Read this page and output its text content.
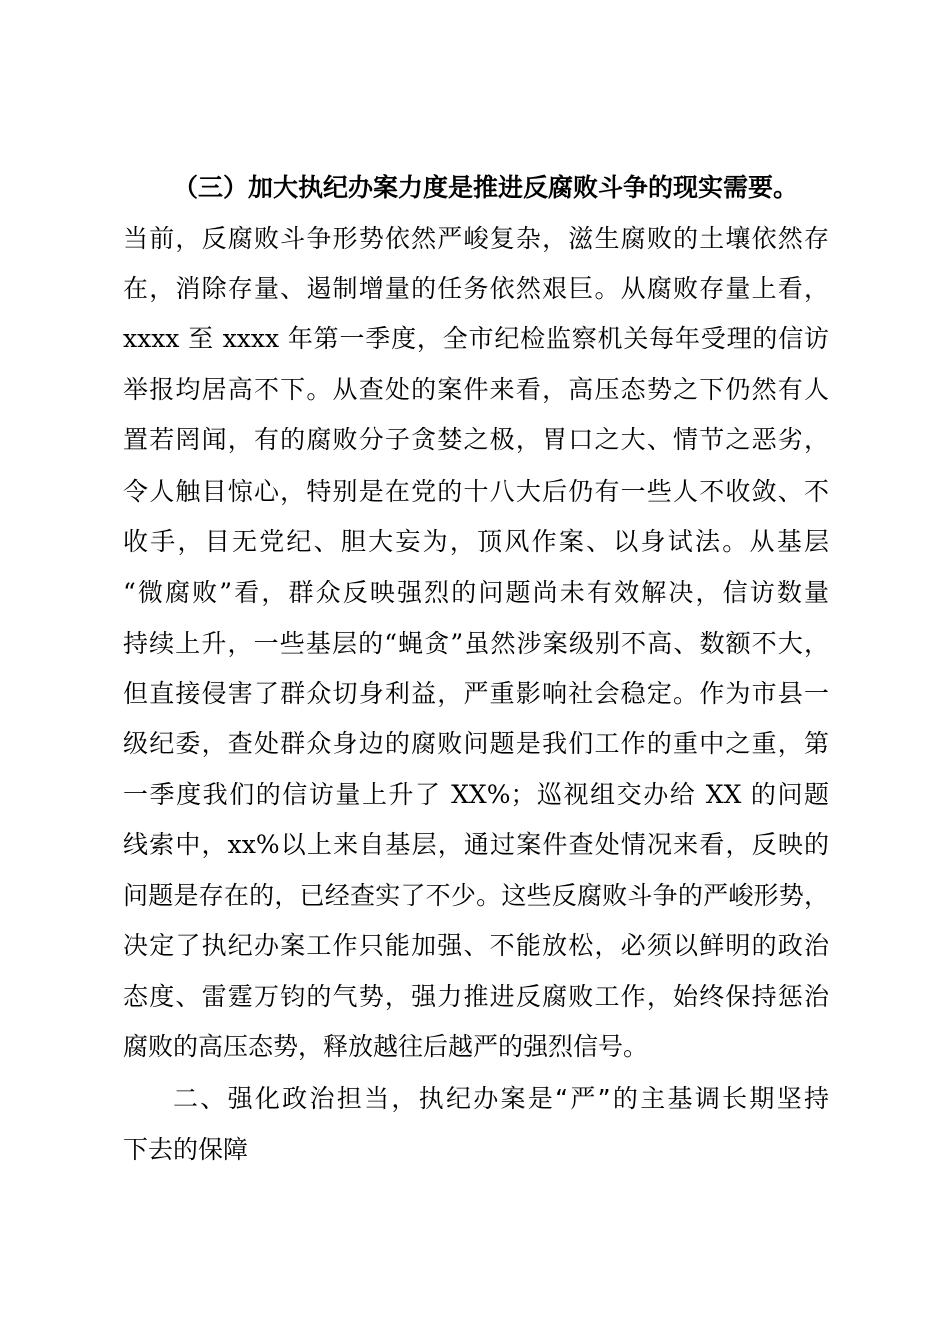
（三）加大执纪办案力度是推进反腐败斗争的现实需要。
当前，反腐败斗争形势依然严峻复杂，滋生腐败的土壤依然存
在，消除存量、遏制增量的任务依然艰巨。从腐败存量上看，
xxxx 至 xxxx 年第一季度，全市纪检监察机关每年受理的信访
举报均居高不下。从查处的案件来看，高压态势之下仍然有人
置若罔闻，有的腐败分子贪婪之极，胃口之大、情节之恶劣，
令人触目惊心，特别是在党的十八大后仍有一些人不收敛、不
收手，目无党纪、胆大妄为，顶风作案、以身试法。从基层
“微腐败”看，群众反映强烈的问题尚未有效解决，信访数量
持续上升，一些基层的“蝇贪”虽然涉案级别不高、数额不大，
但直接侵害了群众切身利益，严重影响社会稳定。作为市县一
级纪委，查处群众身边的腐败问题是我们工作的重中之重，第
一季度我们的信访量上升了 XX%；巡视组交办给 XX 的问题
线索中，xx%以上来自基层，通过案件查处情况来看，反映的
问题是存在的，已经查实了不少。这些反腐败斗争的严峻形势，
决定了执纪办案工作只能加强、不能放松，必须以鲜明的政治
态度、雷霆万钧的气势，强力推进反腐败工作，始终保持惩治
腐败的高压态势，释放越往后越严的强烈信号。
二、强化政治担当，执纪办案是“严”的主基调长期坚持
下去的保障
